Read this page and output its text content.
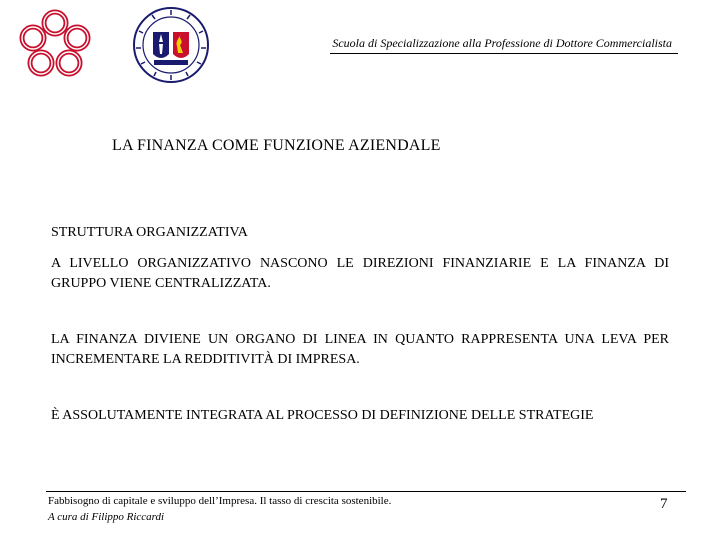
Scuola di Specializzazione alla Professione di Dottore Commercialista
LA FINANZA COME FUNZIONE AZIENDALE
STRUTTURA ORGANIZZATIVA
A LIVELLO ORGANIZZATIVO NASCONO LE DIREZIONI FINANZIARIE E LA FINANZA DI GRUPPO VIENE CENTRALIZZATA.
LA FINANZA DIVIENE UN ORGANO DI LINEA IN QUANTO RAPPRESENTA UNA LEVA PER INCREMENTARE LA REDDITIVITÀ DI IMPRESA.
È ASSOLUTAMENTE INTEGRATA AL PROCESSO DI DEFINIZIONE DELLE STRATEGIE
Fabbisogno di capitale e sviluppo dell’Impresa. Il tasso di crescita sostenibile.
A cura di Filippo Riccardi
7
